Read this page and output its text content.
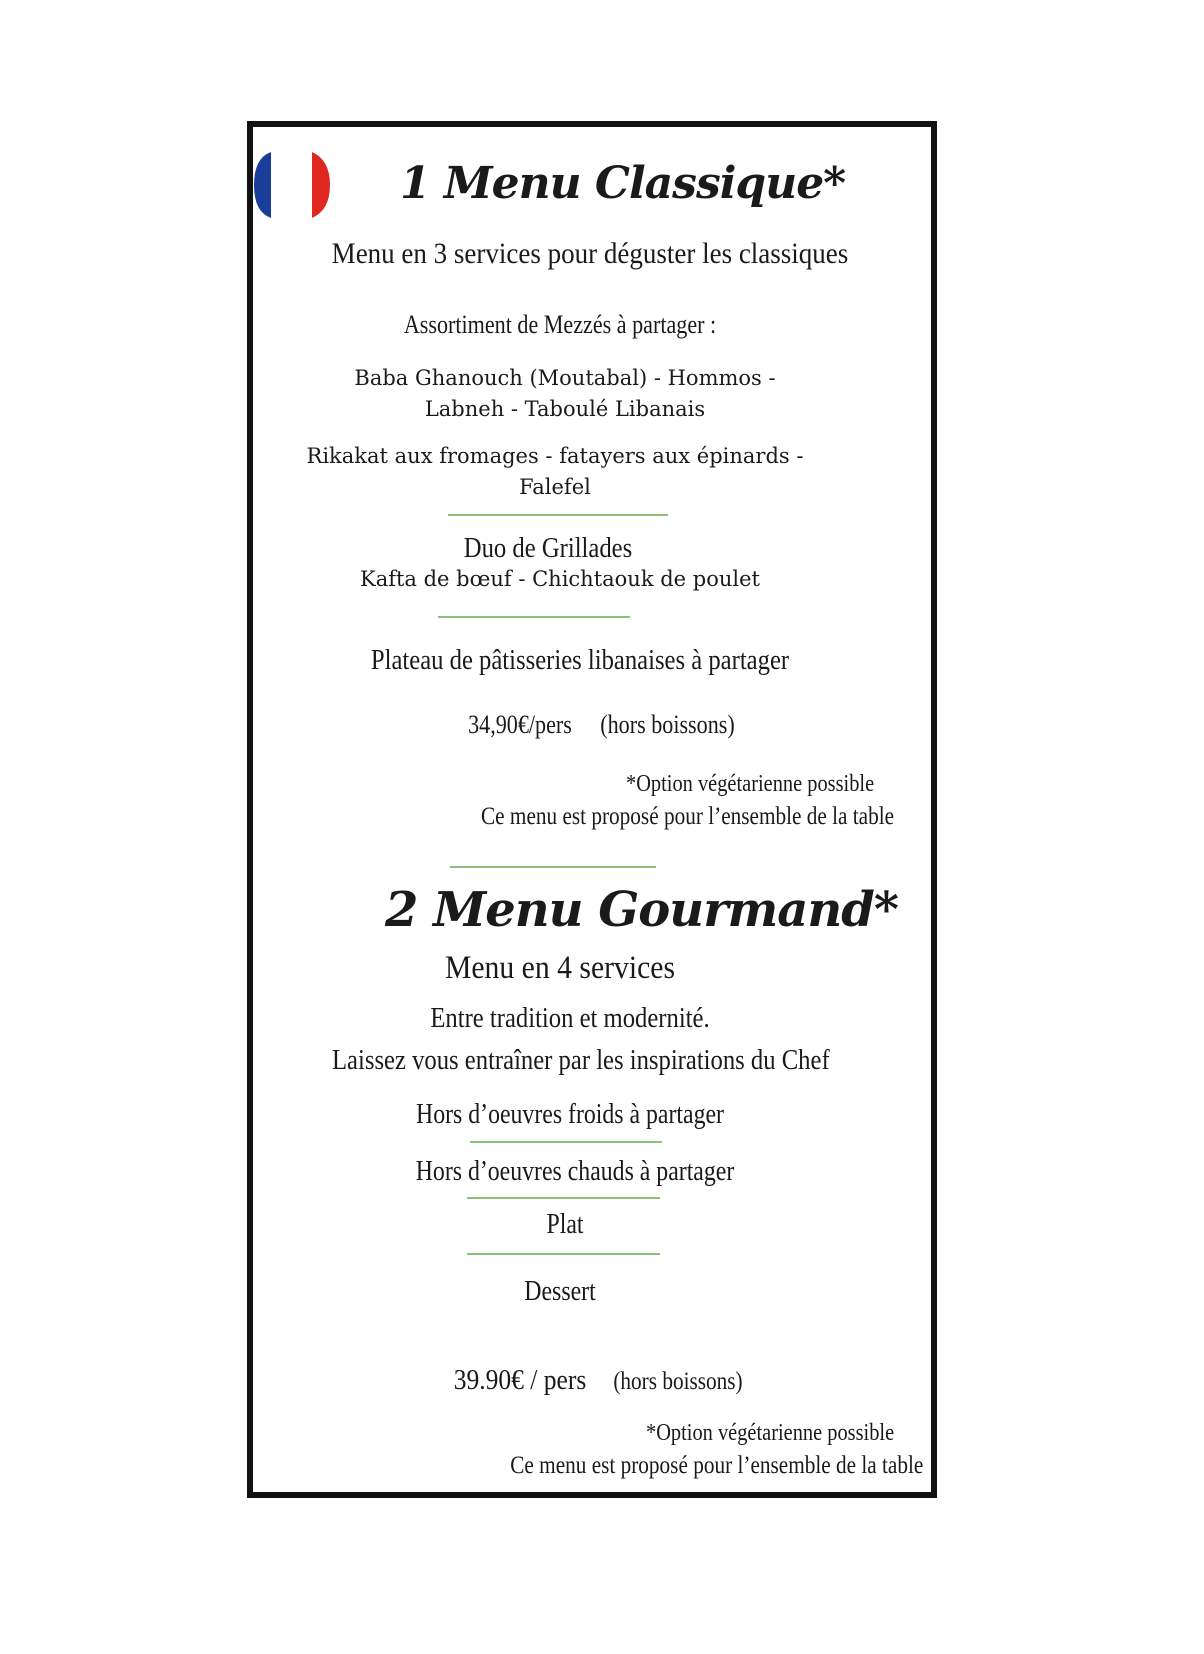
1 Menu Classique*
Menu en 3 services pour déguster les classiques
Assortiment de Mezzés à partager :
Baba Ghanouch (Moutabal) - Hommos -
Labneh - Taboulé Libanais
Rikakat aux fromages - fatayers aux épinards -
Falefel
Duo de Grillades
Kafta de bœuf - Chichtaouk de poulet
Plateau de pâtisseries libanaises à partager
34,90€/pers	(hors boissons)
*Option végétarienne possible
Ce menu est proposé pour l’ensemble de la table
2 Menu Gourmand*
Menu en 4 services
Entre tradition et modernité.
Laissez vous entraîner par les inspirations du Chef
Hors d’oeuvres froids à partager
Hors d’oeuvres chauds à partager
Plat
Dessert
39.90€ / pers	(hors boissons)
*Option végétarienne possible
Ce menu est proposé pour l’ensemble de la table
